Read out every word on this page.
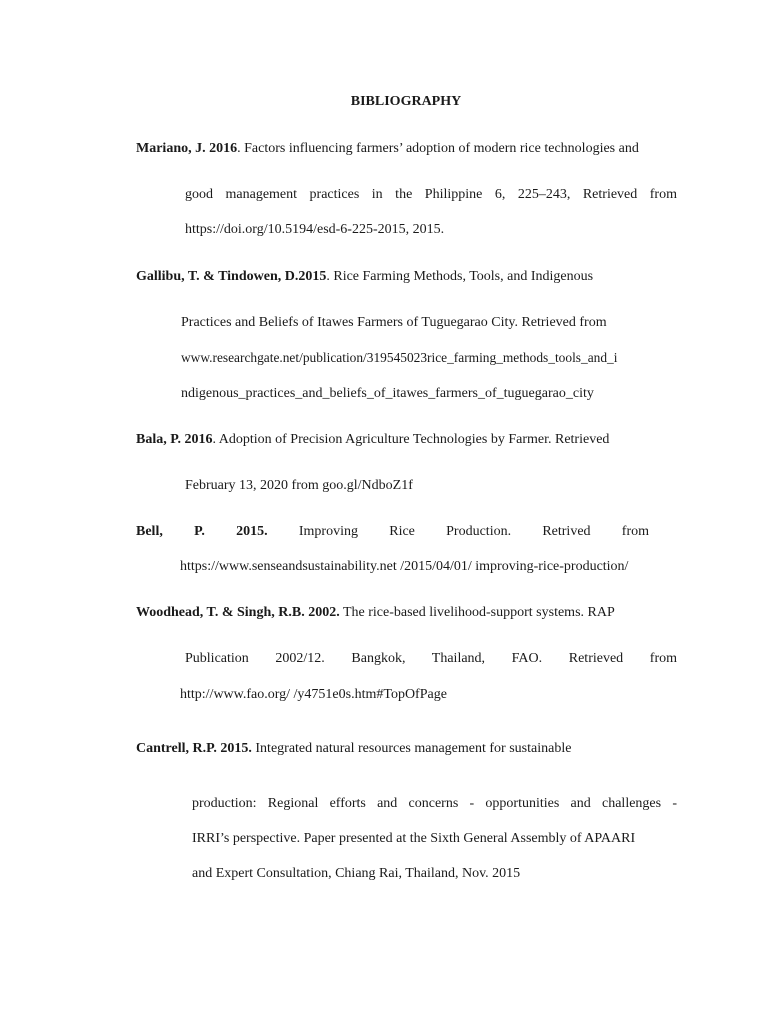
BIBLIOGRAPHY
Mariano, J. 2016. Factors influencing farmers’ adoption of modern rice technologies and
good management practices in the Philippine 6, 225–243, Retrieved from
https://doi.org/10.5194/esd-6-225-2015, 2015.
Gallibu, T. & Tindowen, D.2015. Rice Farming Methods, Tools, and Indigenous
Practices and Beliefs of Itawes Farmers of Tuguegarao City. Retrieved from
www.researchgate.net/publication/319545023rice_farming_methods_tools_and_i
ndigenous_practices_and_beliefs_of_itawes_farmers_of_tuguegarao_city
Bala, P. 2016. Adoption of Precision Agriculture Technologies by Farmer. Retrieved
February 13, 2020 from goo.gl/NdboZ1f
Bell, P. 2015. Improving Rice Production. Retrived from
https://www.senseandsustainability.net /2015/04/01/ improving-rice-production/
Woodhead, T. & Singh, R.B. 2002. The rice-based livelihood-support systems. RAP
Publication 2002/12. Bangkok, Thailand, FAO. Retrieved from
http://www.fao.org/ /y4751e0s.htm#TopOfPage
Cantrell, R.P. 2015. Integrated natural resources management for sustainable
production: Regional efforts and concerns - opportunities and challenges -
IRRI’s perspective. Paper presented at the Sixth General Assembly of APAARI
and Expert Consultation, Chiang Rai, Thailand, Nov. 2015
